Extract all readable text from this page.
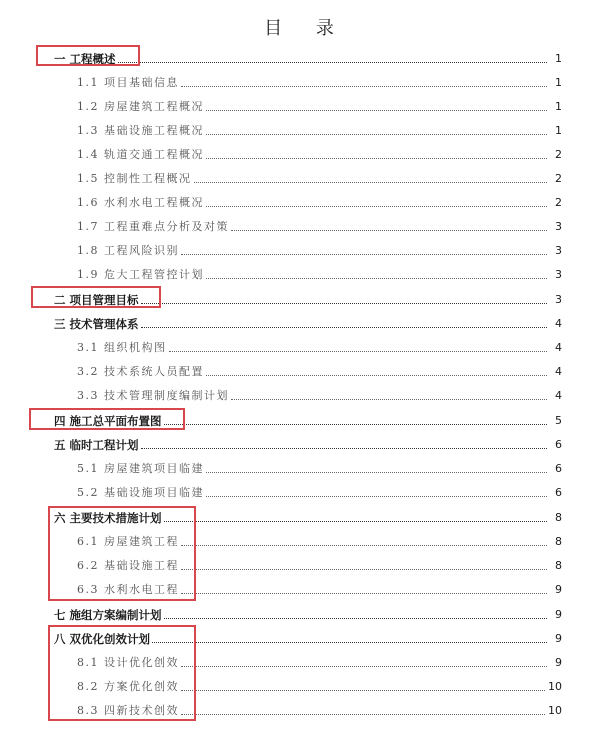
目 录
一 工程概述	1
1.1 项目基础信息	1
1.2 房屋建筑工程概况	1
1.3 基础设施工程概况	1
1.4 轨道交通工程概况	2
1.5 控制性工程概况	2
1.6 水利水电工程概况	2
1.7 工程重难点分析及对策	3
1.8 工程风险识别	3
1.9 危大工程管控计划	3
二 项目管理目标	3
三 技术管理体系	4
3.1 组织机构图	4
3.2 技术系统人员配置	4
3.3 技术管理制度编制计划	4
四 施工总平面布置图	5
五 临时工程计划	6
5.1 房屋建筑项目临建	6
5.2 基础设施项目临建	6
六 主要技术措施计划	8
6.1 房屋建筑工程	8
6.2 基础设施工程	8
6.3 水利水电工程	9
七 施组方案编制计划	9
八 双优化创效计划	9
8.1 设计优化创效	9
8.2 方案优化创效	10
8.3 四新技术创效	10
